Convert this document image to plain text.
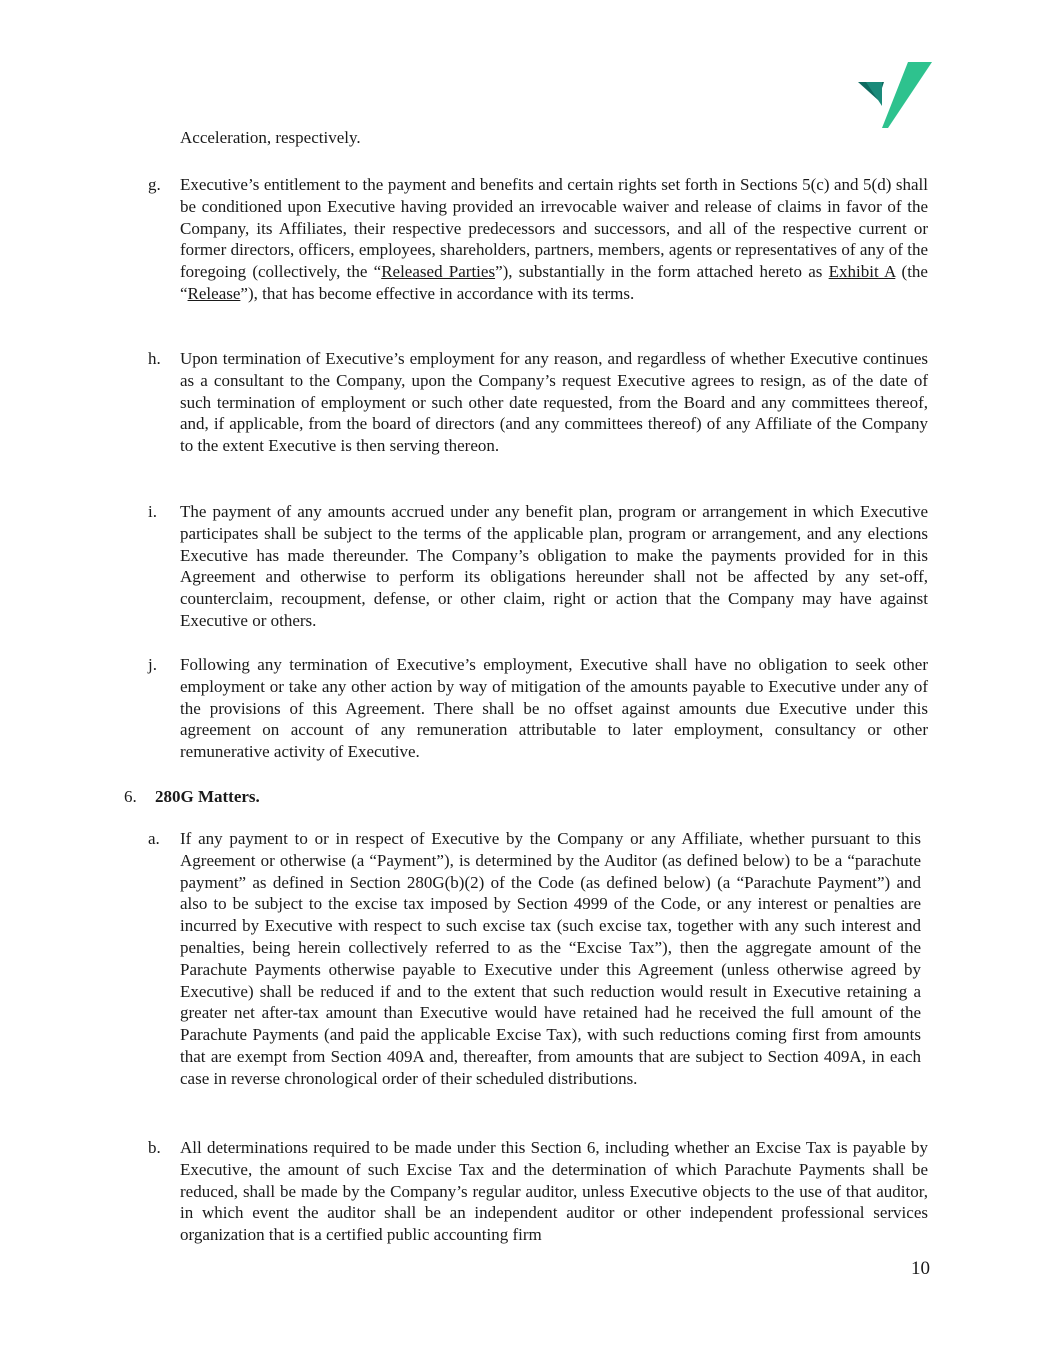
Acceleration, respectively.
g. Executive’s entitlement to the payment and benefits and certain rights set forth in Sections 5(c) and 5(d) shall be conditioned upon Executive having provided an irrevocable waiver and release of claims in favor of the Company, its Affiliates, their respective predecessors and successors, and all of the respective current or former directors, officers, employees, shareholders, partners, members, agents or representatives of any of the foregoing (collectively, the “Released Parties”), substantially in the form attached hereto as Exhibit A (the “Release”), that has become effective in accordance with its terms.
h. Upon termination of Executive’s employment for any reason, and regardless of whether Executive continues as a consultant to the Company, upon the Company’s request Executive agrees to resign, as of the date of such termination of employment or such other date requested, from the Board and any committees thereof, and, if applicable, from the board of directors (and any committees thereof) of any Affiliate of the Company to the extent Executive is then serving thereon.
i. The payment of any amounts accrued under any benefit plan, program or arrangement in which Executive participates shall be subject to the terms of the applicable plan, program or arrangement, and any elections Executive has made thereunder. The Company’s obligation to make the payments provided for in this Agreement and otherwise to perform its obligations hereunder shall not be affected by any set-off, counterclaim, recoupment, defense, or other claim, right or action that the Company may have against Executive or others.
j. Following any termination of Executive’s employment, Executive shall have no obligation to seek other employment or take any other action by way of mitigation of the amounts payable to Executive under any of the provisions of this Agreement. There shall be no offset against amounts due Executive under this agreement on account of any remuneration attributable to later employment, consultancy or other remunerative activity of Executive.
6. 280G Matters.
a. If any payment to or in respect of Executive by the Company or any Affiliate, whether pursuant to this Agreement or otherwise (a “Payment”), is determined by the Auditor (as defined below) to be a “parachute payment” as defined in Section 280G(b)(2) of the Code (as defined below) (a “Parachute Payment”) and also to be subject to the excise tax imposed by Section 4999 of the Code, or any interest or penalties are incurred by Executive with respect to such excise tax (such excise tax, together with any such interest and penalties, being herein collectively referred to as the “Excise Tax”), then the aggregate amount of the Parachute Payments otherwise payable to Executive under this Agreement (unless otherwise agreed by Executive) shall be reduced if and to the extent that such reduction would result in Executive retaining a greater net after-tax amount than Executive would have retained had he received the full amount of the Parachute Payments (and paid the applicable Excise Tax), with such reductions coming first from amounts that are exempt from Section 409A and, thereafter, from amounts that are subject to Section 409A, in each case in reverse chronological order of their scheduled distributions.
b. All determinations required to be made under this Section 6, including whether an Excise Tax is payable by Executive, the amount of such Excise Tax and the determination of which Parachute Payments shall be reduced, shall be made by the Company’s regular auditor, unless Executive objects to the use of that auditor, in which event the auditor shall be an independent auditor or other independent professional services organization that is a certified public accounting firm
10
